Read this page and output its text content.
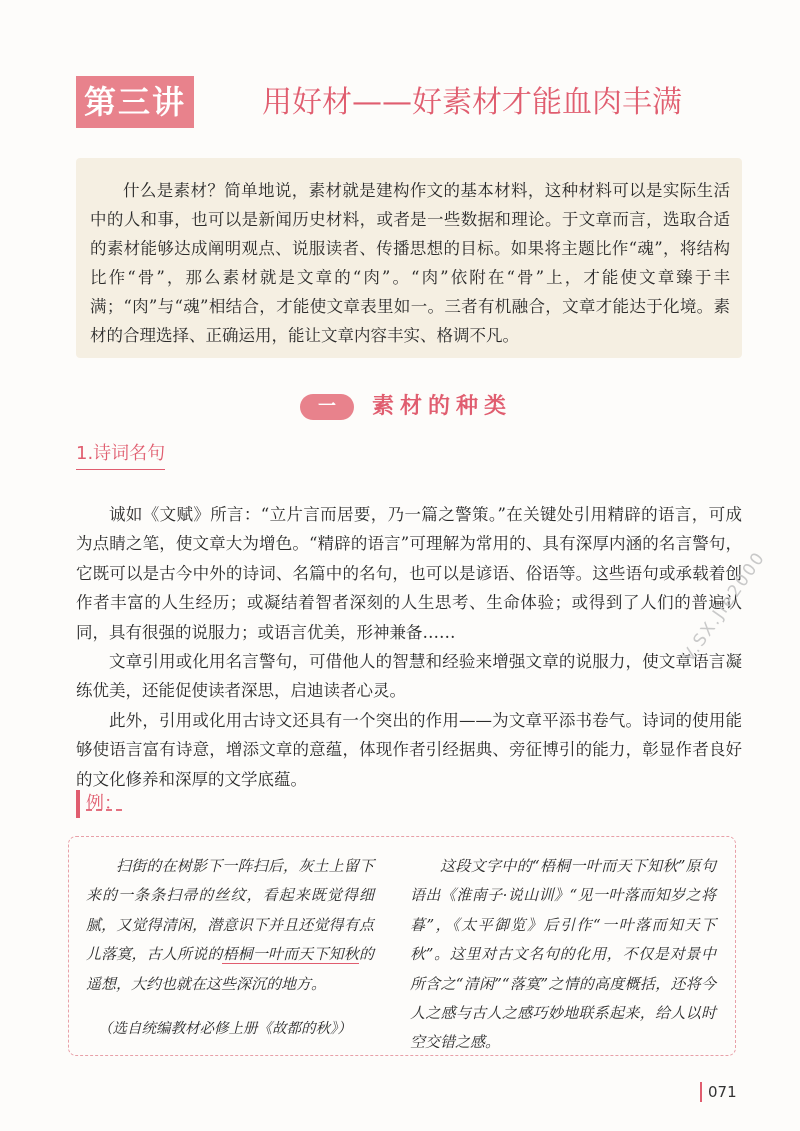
第三讲	用好材——好素材才能血肉丰满

什么是素材？简单地说，素材就是建构作文的基本材料，这种材料可以是实际生活中的人和事，也可以是新闻历史材料，或者是一些数据和理论。于文章而言，选取合适的素材能够达成阐明观点、说服读者、传播思想的目标。如果将主题比作“魂”，将结构比作“骨”，那么素材就是文章的“肉”。“肉”依附在“骨”上，才能使文章臻于丰满；“肉”与“魂”相结合，才能使文章表里如一。三者有机融合，文章才能达于化境。素材的合理选择、正确运用，能让文章内容丰实、格调不凡。

一	素材的种类
1.诗词名句

诚如《文赋》所言：“立片言而居要，乃一篇之警策。”在关键处引用精辟的语言，可成为点睛之笔，使文章大为增色。“精辟的语言”可理解为常用的、具有深厚内涵的名言警句，它既可以是古今中外的诗词、名篇中的名句，也可以是谚语、俗语等。这些语句或承载着创作者丰富的人生经历；或凝结着智者深刻的人生思考、生命体验；或得到了人们的普遍认同，具有很强的说服力；或语言优美，形神兼备……

文章引用或化用名言警句，可借他人的智慧和经验来增强文章的说服力，使文章语言凝练优美，还能促使读者深思，启迪读者心灵。

此外，引用或化用古诗文还具有一个突出的作用——为文章平添书卷气。诗词的使用能够使语言富有诗意，增添文章的意蕴，体现作者引经据典、旁征博引的能力，彰显作者良好的文化修养和深厚的文学底蕴。

例：

扫街的在树影下一阵扫后，灰土上留下来的一条条扫帚的丝纹，看起来既觉得细腻，又觉得清闲，潜意识下并且还觉得有点儿落寞，古人所说的梧桐一叶而天下知秋的遥想，大约也就在这些深沉的地方。

（选自统编教材必修上册《故都的秋》）

这段文字中的“梧桐一叶而天下知秋”原句语出《淮南子·说山训》“见一叶落而知岁之将暮”，《太平御览》后引作“一叶落而知天下秋”。这里对古文名句的化用，不仅是对景中所含之“清闲”“落寞”之情的高度概括，还将今人之感与古人之感巧妙地联系起来，给人以时空交错之感。

071
V.SX.Jie2000
